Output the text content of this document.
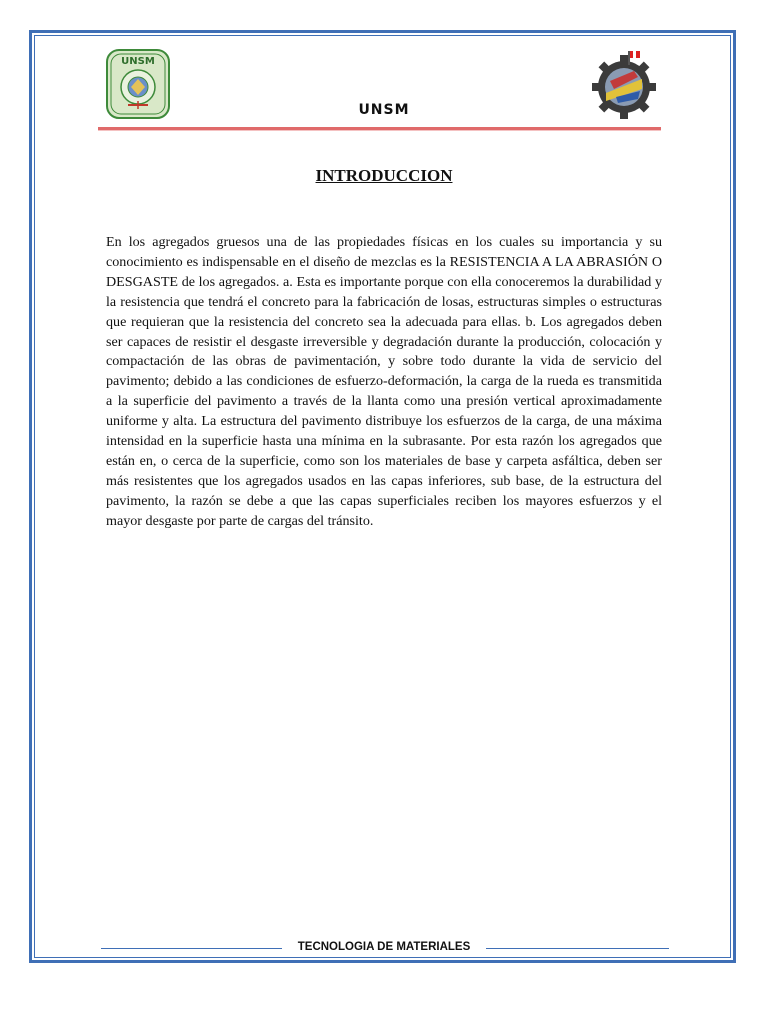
UNSM
UNSM
INTRODUCCION
En los agregados gruesos una de las propiedades físicas en los cuales su importancia y su conocimiento es indispensable en el diseño de mezclas es la RESISTENCIA A LA ABRASIÓN O DESGASTE de los agregados. a. Esta es importante porque con ella conoceremos la durabilidad y la resistencia que tendrá el concreto para la fabricación de losas, estructuras simples o estructuras que requieran que la resistencia del concreto sea la adecuada para ellas. b. Los agregados deben ser capaces de resistir el desgaste irreversible y degradación durante la producción, colocación y compactación de las obras de pavimentación, y sobre todo durante la vida de servicio del pavimento; debido a las condiciones de esfuerzo-deformación, la carga de la rueda es transmitida a la superficie del pavimento a través de la llanta como una presión vertical aproximadamente uniforme y alta. La estructura del pavimento distribuye los esfuerzos de la carga, de una máxima intensidad en la superficie hasta una mínima en la subrasante. Por esta razón los agregados que están en, o cerca de la superficie, como son los materiales de base y carpeta asfáltica, deben ser más resistentes que los agregados usados en las capas inferiores, sub base, de la estructura del pavimento, la razón se debe a que las capas superficiales reciben los mayores esfuerzos y el mayor desgaste por parte de cargas del tránsito.
TECNOLOGIA DE MATERIALES
